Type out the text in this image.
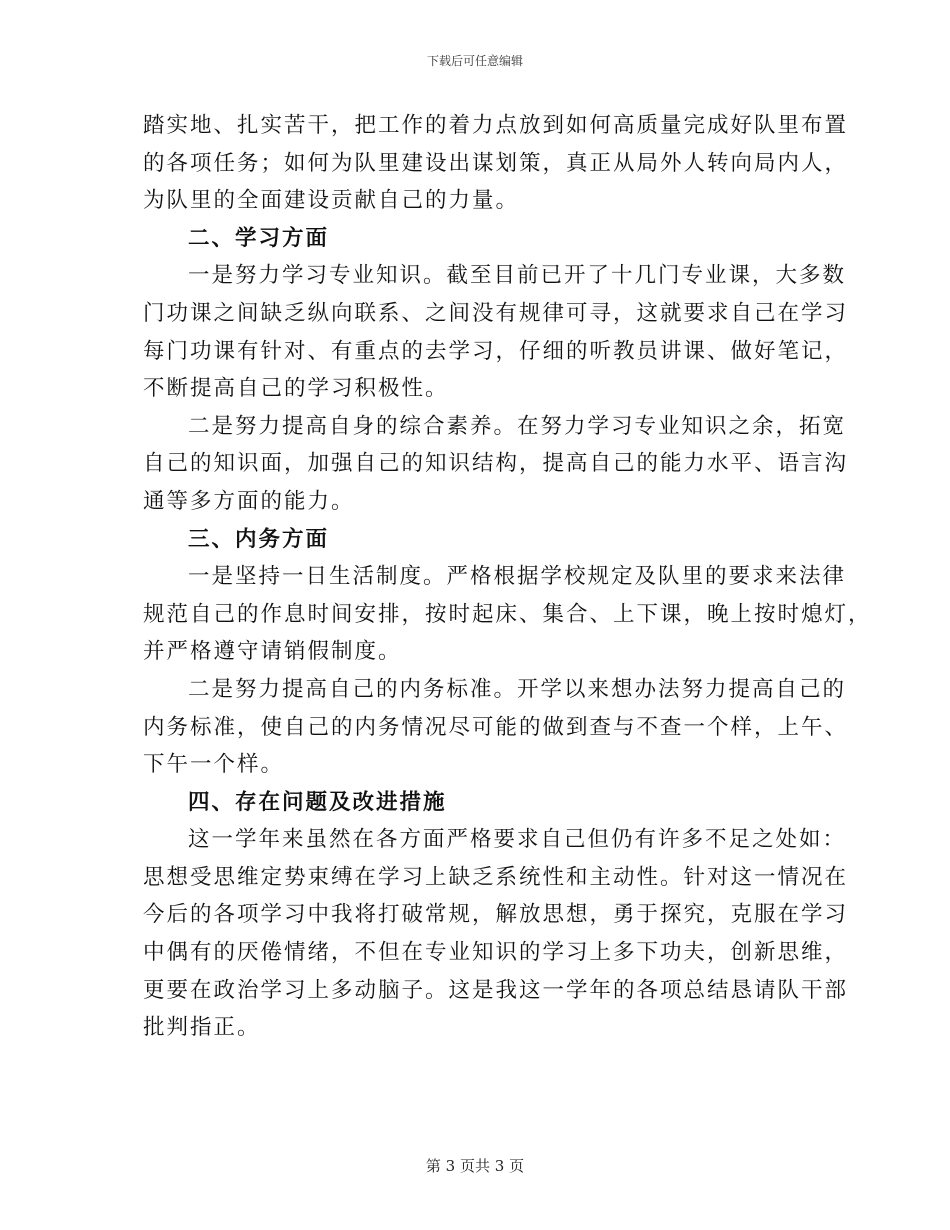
下载后可任意编辑
踏实地、扎实苦干，把工作的着力点放到如何高质量完成好队里布置
的各项任务；如何为队里建设出谋划策，真正从局外人转向局内人，
为队里的全面建设贡献自己的力量。
二、学习方面
一是努力学习专业知识。截至目前已开了十几门专业课，大多数
门功课之间缺乏纵向联系、之间没有规律可寻，这就要求自己在学习
每门功课有针对、有重点的去学习，仔细的听教员讲课、做好笔记，
不断提高自己的学习积极性。
二是努力提高自身的综合素养。在努力学习专业知识之余，拓宽
自己的知识面，加强自己的知识结构，提高自己的能力水平、语言沟
通等多方面的能力。
三、内务方面
一是坚持一日生活制度。严格根据学校规定及队里的要求来法律
规范自己的作息时间安排，按时起床、集合、上下课，晚上按时熄灯，
并严格遵守请销假制度。
二是努力提高自己的内务标准。开学以来想办法努力提高自己的
内务标准，使自己的内务情况尽可能的做到查与不查一个样，上午、
下午一个样。
四、存在问题及改进措施
这一学年来虽然在各方面严格要求自己但仍有许多不足之处如：
思想受思维定势束缚在学习上缺乏系统性和主动性。针对这一情况在
今后的各项学习中我将打破常规，解放思想，勇于探究，克服在学习
中偶有的厌倦情绪，不但在专业知识的学习上多下功夫，创新思维，
更要在政治学习上多动脑子。这是我这一学年的各项总结恳请队干部
批判指正。
第 3 页共 3 页
